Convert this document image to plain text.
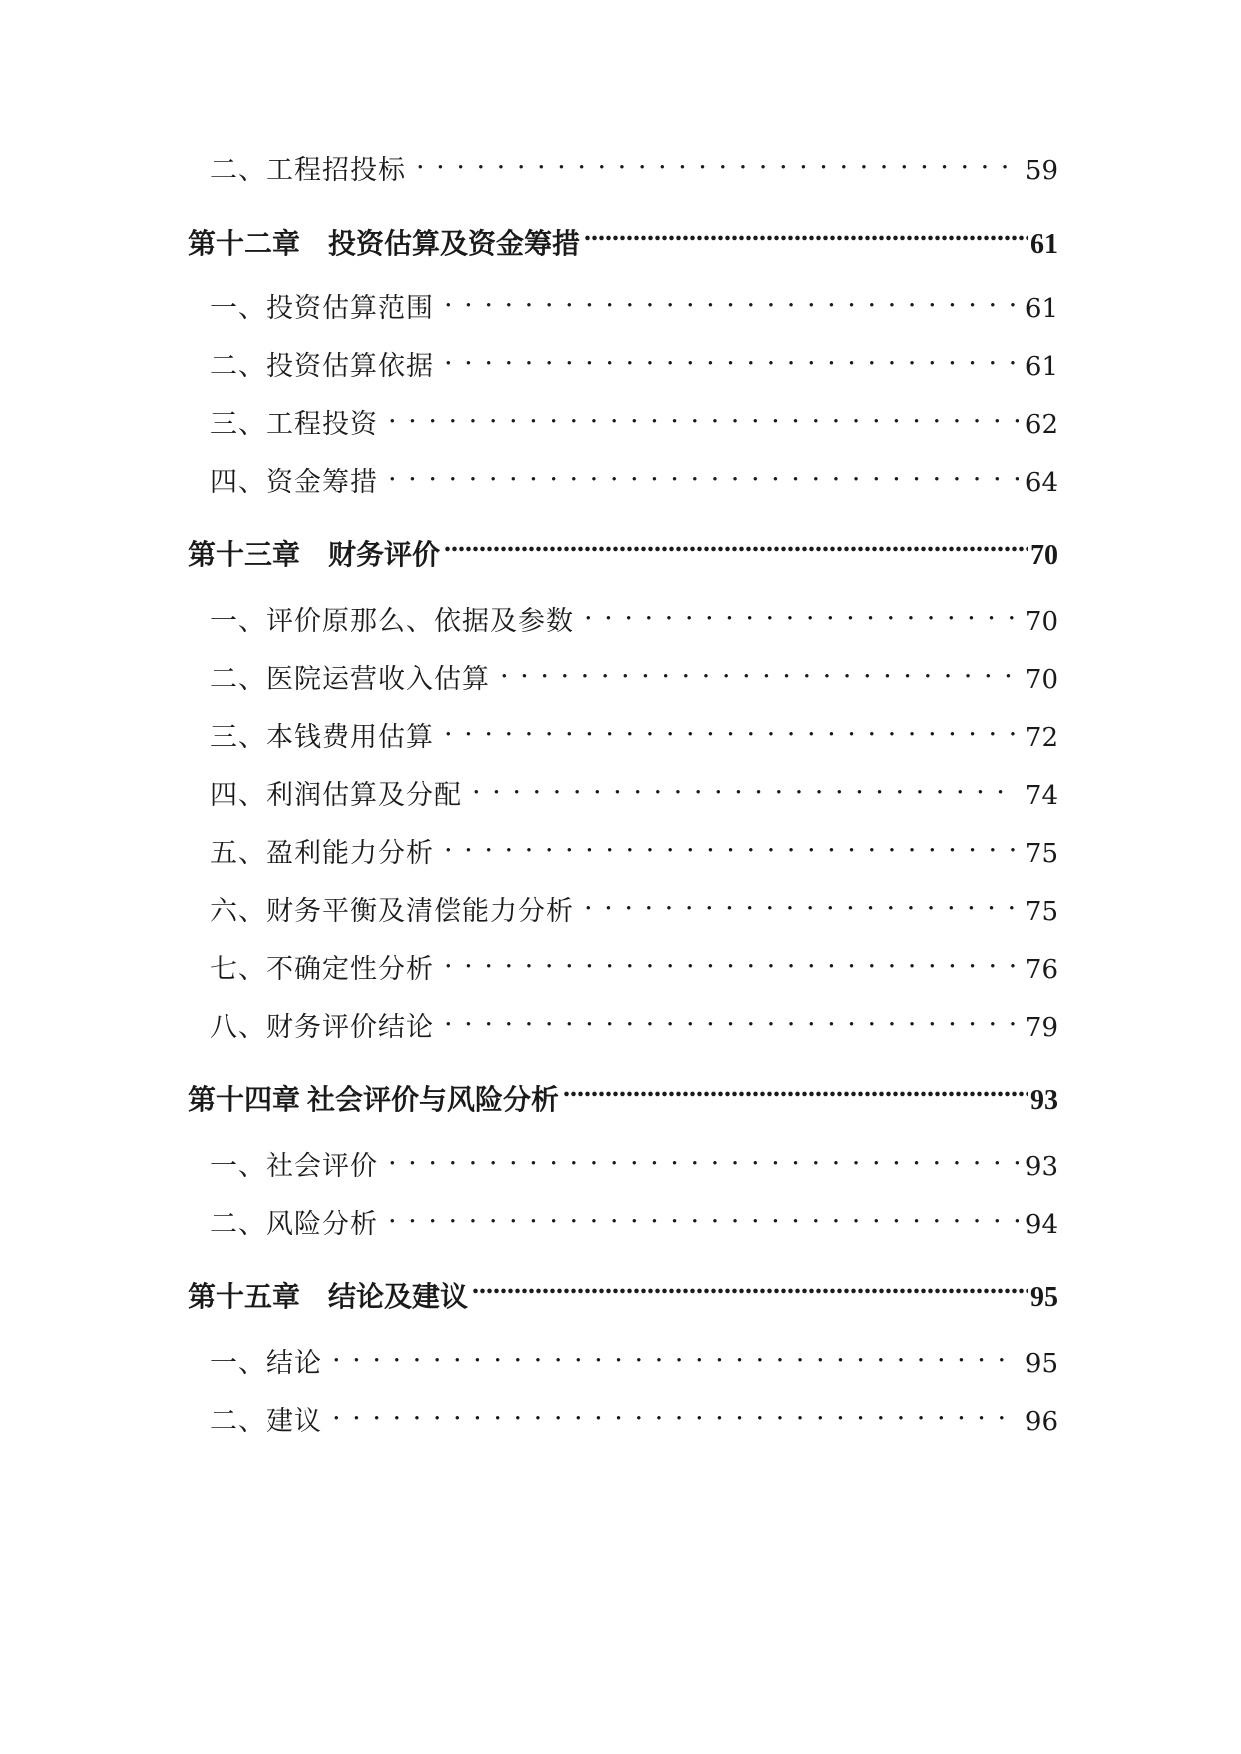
二、工程招投标 . . .	59
第十二章　投资估算及资金筹措 .....	61
一、投资估算范围 . . .	61
二、投资估算依据 . . .	61
三、工程投资 . . .	62
四、资金筹措 . . .	64
第十三章　财务评价 .....	70
一、评价原那么、依据及参数 . . .	70
二、医院运营收入估算 . . .	70
三、本钱费用估算 . . .	72
四、利润估算及分配 . . .	74
五、盈利能力分析 . . .	75
六、财务平衡及清偿能力分析 . . .	75
七、不确定性分析 . . .	76
八、财务评价结论 . . .	79
第十四章 社会评价与风险分析 .....	93
一、社会评价 . . .	93
二、风险分析 . . .	94
第十五章　结论及建议 .....	95
一、结论 . . .	95
二、建议 . . .	96
